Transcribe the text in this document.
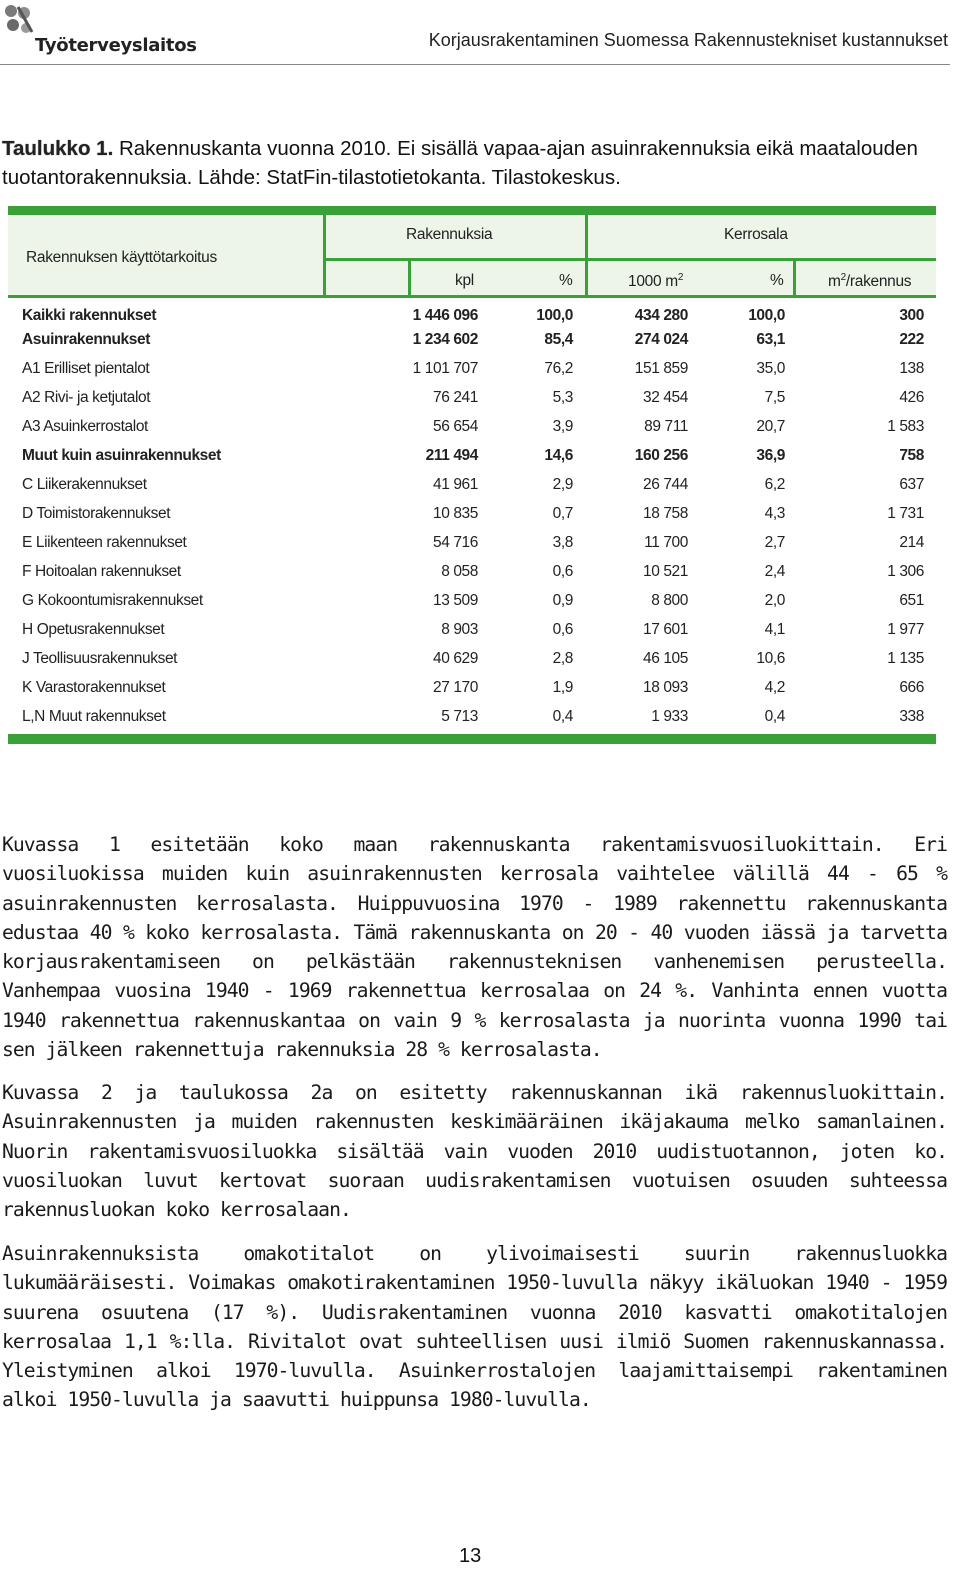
Työterveyslaitos	Korjausrakentaminen Suomessa Rakennustekniset kustannukset
Taulukko 1. Rakennuskanta vuonna 2010. Ei sisällä vapaa-ajan asuinrakennuksia eikä maatalouden tuotantorakennuksia. Lähde: StatFin-tilastotietokanta. Tilastokeskus.
Rakennuksen käyttötarkoitus
Rakennuksia	Kerrosala
kpl	%	1000 $m^2$	%	$m^2$/rakennus
Kaikki rakennukset	1 446 096	100,0	434 280	100,0	300
Asuinrakennukset	1 234 602	85,4	274 024	63,1	222
A1 Erilliset pientalot	1 101 707	76,2	151 859	35,0	138
A2 Rivi- ja ketjutalot	76 241	5,3	32 454	7,5	426
A3 Asuinkerrostalot	56 654	3,9	89 711	20,7	1 583
Muut kuin asuinrakennukset	211 494	14,6	160 256	36,9	758
C Liikerakennukset	41 961	2,9	26 744	6,2	637
D Toimistorakennukset	10 835	0,7	18 758	4,3	1 731
E Liikenteen rakennukset	54 716	3,8	11 700	2,7	214
F Hoitoalan rakennukset	8 058	0,6	10 521	2,4	1 306
G Kokoontumisrakennukset	13 509	0,9	8 800	2,0	651
H Opetusrakennukset	8 903	0,6	17 601	4,1	1 977
J Teollisuusrakennukset	40 629	2,8	46 105	10,6	1 135
K Varastorakennukset	27 170	1,9	18 093	4,2	666
L,N Muut rakennukset	5 713	0,4	1 933	0,4	338
Kuvassa 1 esitetään koko maan rakennuskanta rakentamisvuosiluokittain. Eri vuosiluokissa muiden kuin asuinrakennusten kerrosala vaihtelee välillä 44 - 65 % asuinrakennusten kerrosalasta. Huippuvuosina 1970 - 1989 rakennettu rakennuskanta edustaa 40 % koko kerrosalasta. Tämä rakennuskanta on 20 - 40 vuoden iässä ja tarvetta korjausrakentamiseen on pelkästään rakennusteknisen vanhenemisen perusteella. Vanhempaa vuosina 1940 - 1969 rakennettua kerrosalaa on 24 %. Vanhinta ennen vuotta 1940 rakennettua rakennuskantaa on vain 9 % kerrosalasta ja nuorinta vuonna 1990 tai sen jälkeen rakennettuja rakennuksia 28 % kerrosalasta.
Kuvassa 2 ja taulukossa 2a on esitetty rakennuskannan ikä rakennusluokittain. Asuinrakennusten ja muiden rakennusten keskimääräinen ikäjakauma melko samanlainen. Nuorin rakentamisvuosiluokka sisältää vain vuoden 2010 uudistuotannon, joten ko. vuosiluokan luvut kertovat suoraan uudisrakentamisen vuotuisen osuuden suhteessa rakennusluokan koko kerrosalaan.
Asuinrakennuksista omakotitalot on ylivoimaisesti suurin rakennusluokka lukumääräisesti. Voimakas omakotirakentaminen 1950-luvulla näkyy ikäluokan 1940 - 1959 suurena osuutena (17 %). Uudisrakentaminen vuonna 2010 kasvatti omakotitalojen kerrosalaa 1,1 %:lla. Rivitalot ovat suhteellisen uusi ilmiö Suomen rakennuskannassa. Yleistyminen alkoi 1970-luvulla. Asuinkerrostalojen laajamittaisempi rakentaminen alkoi 1950-luvulla ja saavutti huippunsa 1980-luvulla.
13
